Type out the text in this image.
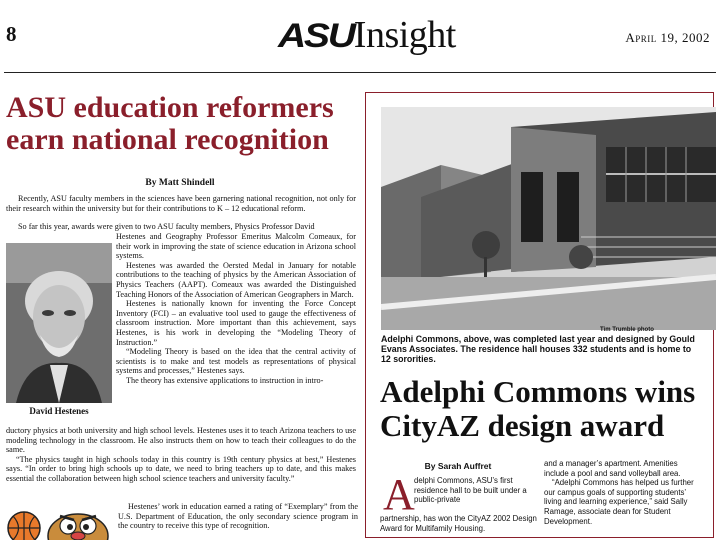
8	ASU Insight	April 19, 2002
ASU education reformers
earn national recognition
By Matt Shindell
Recently, ASU faculty members in the sciences have been garnering national recognition, not only for their research within the university but for their contributions to K – 12 educational reform.
So far this year, awards were given to two ASU faculty members, Physics Professor David

Hestenes and Geography Professor Emeritus Malcolm Comeaux, for their work in improving the state of science education in Arizona school systems.

Hestenes was awarded the Oersted Medal in January for notable contributions to the teaching of physics by the American Association of Physics Teachers (AAPT). Comeaux was awarded the Distinguished Teaching Honors of the Association of American Geographers in March.

Hestenes is nationally known for inventing the Force Concept Inventory (FCI) – an evaluative tool used to gauge the effectiveness of classroom instruction. More important than this achievement, says Hestenes, is his work in developing the “Modeling Theory of Instruction.”

“Modeling Theory is based on the idea that the central activity of scientists is to make and test models as representations of physical systems and processes,” Hestenes says.

The theory has extensive applications to instruction in intro-

David Hestenes

ductory physics at both university and high school levels. Hestenes uses it to teach Arizona teachers to use modeling technology in the classroom. He also instructs them on how to teach their colleagues to do the same.

“The physics taught in high schools today in this country is 19th century physics at best,” Hestenes says. “In order to bring high schools up to date, we need to bring teachers up to date, and this makes essential the collaboration between high school science teachers and university faculty.”

Hestenes’ work in education earned a rating of “Exemplary” from the U.S. Department of Education, the only secondary science program in the country to receive this type of recognition.

Tim Trumble photo
Adelphi Commons, above, was completed last year and designed by Gould Evans Associates. The residence hall houses 332 students and is home to 12 sororities.
Adelphi Commons wins
CityAZ design award
By Sarah Auffret
A delphi Commons, ASU’s first residence hall to be built under a public-private
partnership, has won the CityAZ 2002 Design Award for Multifamily Housing.

and a manager’s apartment. Amenities include a pool and sand volleyball area.

“Adelphi Commons has helped us further our campus goals of supporting students’ living and learning experience,” said Sally Ramage, associate dean for Student Development.
